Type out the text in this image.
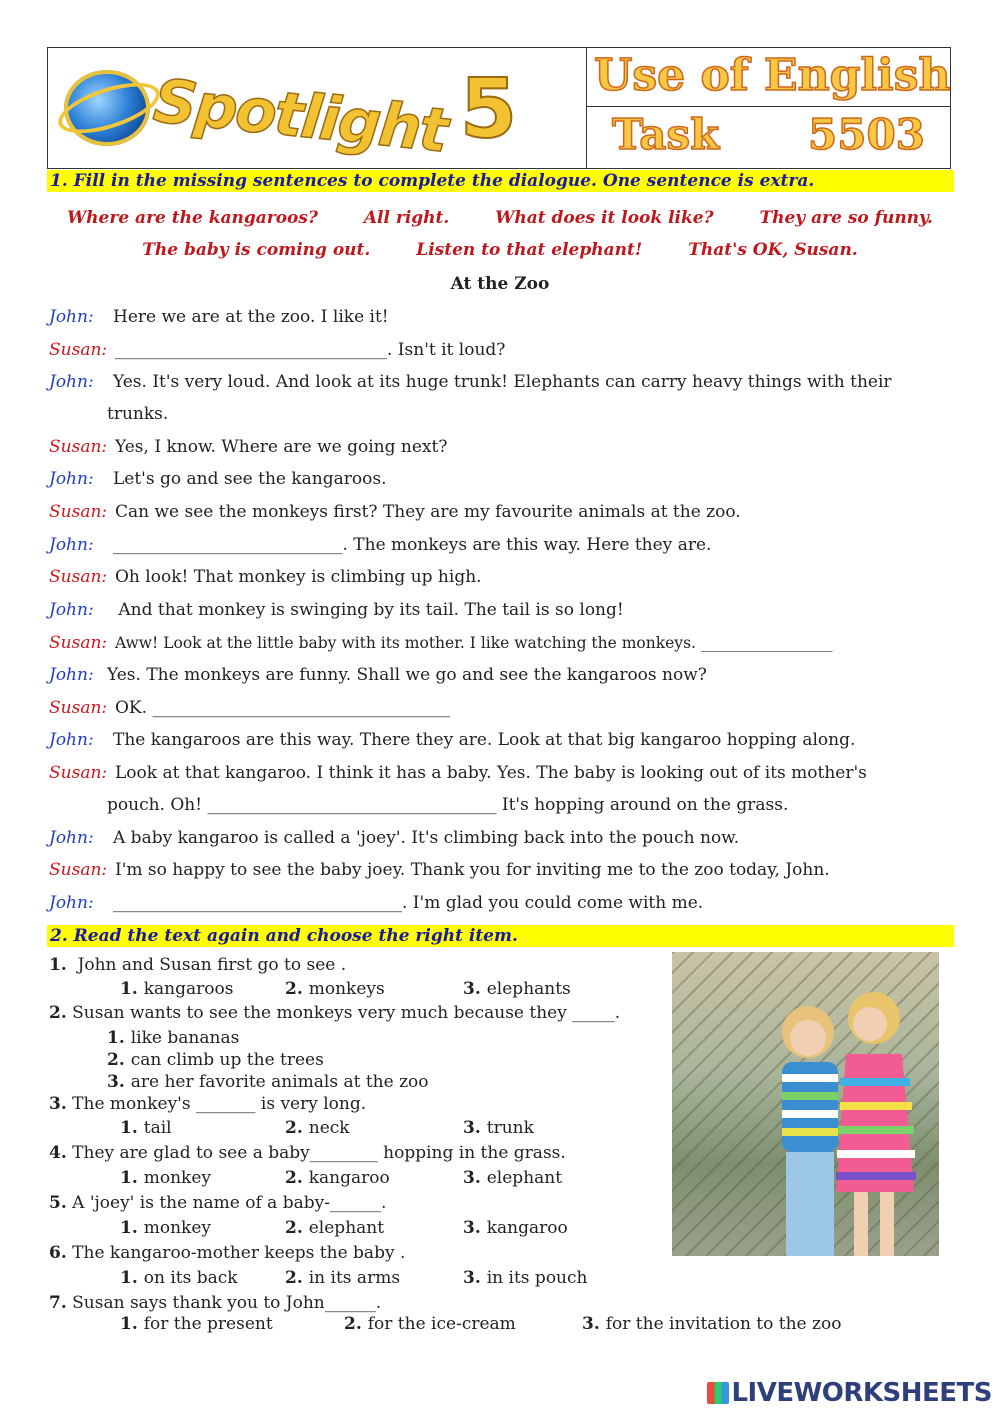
Spotlight 5 Use of English
Task 5503
1. Fill in the missing sentences to complete the dialogue. One sentence is extra.
Where are the kangaroos?	All right.	What does it look like?	They are so funny.
The baby is coming out.	Listen to that elephant!	That's OK, Susan.
At the Zoo
John: Here we are at the zoo. I like it!
Susan: ________________________________. Isn't it loud?
John: Yes. It's very loud. And look at its huge trunk! Elephants can carry heavy things with their
trunks.
Susan: Yes, I know. Where are we going next?
John: Let's go and see the kangaroos.
Susan: Can we see the monkeys first? They are my favourite animals at the zoo.
John: ___________________________. The monkeys are this way. Here they are.
Susan: Oh look! That monkey is climbing up high.
John: And that monkey is swinging by its tail. The tail is so long!
Susan: Aww! Look at the little baby with its mother. I like watching the monkeys. _________________
John: Yes. The monkeys are funny. Shall we go and see the kangaroos now?
Susan: OK. ___________________________________
John: The kangaroos are this way. There they are. Look at that big kangaroo hopping along.
Susan: Look at that kangaroo. I think it has a baby. Yes. The baby is looking out of its mother's
pouch. Oh! __________________________________ It's hopping around on the grass.
John: A baby kangaroo is called a 'joey'. It's climbing back into the pouch now.
Susan: I'm so happy to see the baby joey. Thank you for inviting me to the zoo today, John.
John: __________________________________. I'm glad you could come with me.
2. Read the text again and choose the right item.
1. John and Susan first go to see .
1. kangaroos	2. monkeys	3. elephants
2. Susan wants to see the monkeys very much because they _____.
1. like bananas
2. can climb up the trees
3. are her favorite animals at the zoo
3. The monkey's _______ is very long.
1. tail	2. neck	3. trunk
4. They are glad to see a baby________ hopping in the grass.
1. monkey	2. kangaroo	3. elephant
5. A 'joey' is the name of a baby-______.
1. monkey	2. elephant	3. kangaroo
6. The kangaroo-mother keeps the baby .
1. on its back	2. in its arms	3. in its pouch
7. Susan says thank you to John______.
1. for the present	2. for the ice-cream	3. for the invitation to the zoo
LIVEWORKSHEETS
